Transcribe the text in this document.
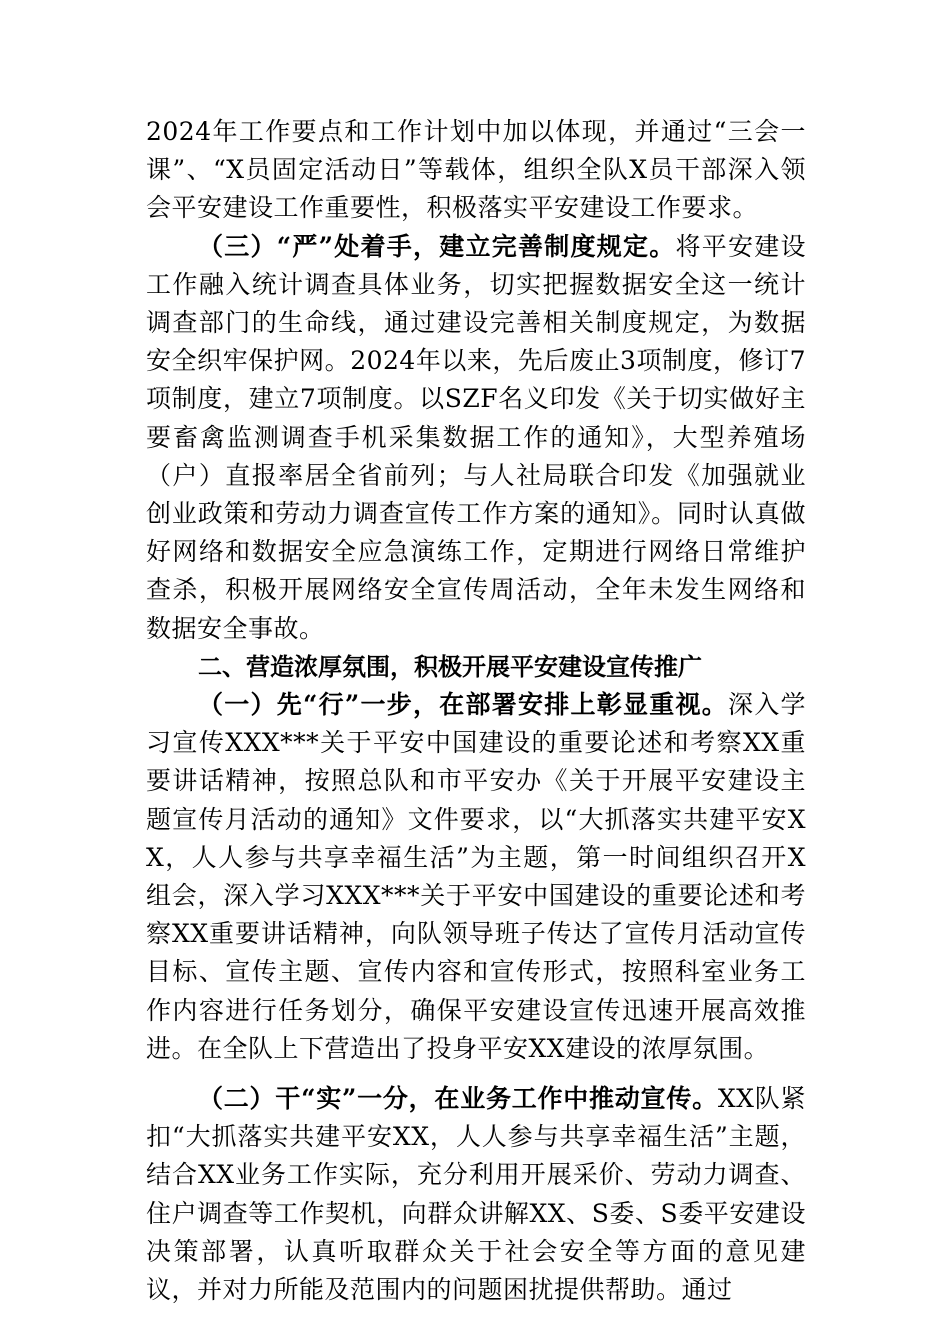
2024年工作要点和工作计划中加以体现，并通过“三会一课”、“X员固定活动日”等载体，组织全队X员干部深入领会平安建设工作重要性，积极落实平安建设工作要求。

（三）“严”处着手，建立完善制度规定。将平安建设工作融入统计调查具体业务，切实把握数据安全这一统计调查部门的生命线，通过建设完善相关制度规定，为数据安全织牢保护网。2024年以来，先后废止3项制度，修订7项制度，建立7项制度。以SZF名义印发《关于切实做好主要畜禽监测调查手机采集数据工作的通知》，大型养殖场（户）直报率居全省前列；与人社局联合印发《加强就业创业政策和劳动力调查宣传工作方案的通知》。同时认真做好网络和数据安全应急演练工作，定期进行网络日常维护查杀，积极开展网络安全宣传周活动，全年未发生网络和数据安全事故。

二、营造浓厚氛围，积极开展平安建设宣传推广

（一）先“行”一步，在部署安排上彰显重视。深入学习宣传XXX***关于平安中国建设的重要论述和考察XX重要讲话精神，按照总队和市平安办《关于开展平安建设主题宣传月活动的通知》文件要求，以“大抓落实共建平安XX，人人参与共享幸福生活”为主题，第一时间组织召开X组会，深入学习XXX***关于平安中国建设的重要论述和考察XX重要讲话精神，向队领导班子传达了宣传月活动宣传目标、宣传主题、宣传内容和宣传形式，按照科室业务工作内容进行任务划分，确保平安建设宣传迅速开展高效推进。在全队上下营造出了投身平安XX建设的浓厚氛围。

（二）干“实”一分，在业务工作中推动宣传。XX队紧扣“大抓落实共建平安XX，人人参与共享幸福生活”主题，结合XX业务工作实际，充分利用开展采价、劳动力调查、住户调查等工作契机，向群众讲解XX、S委、S委平安建设决策部署，认真听取群众关于社会安全等方面的意见建议，并对力所能及范围内的问题困扰提供帮助。通过
